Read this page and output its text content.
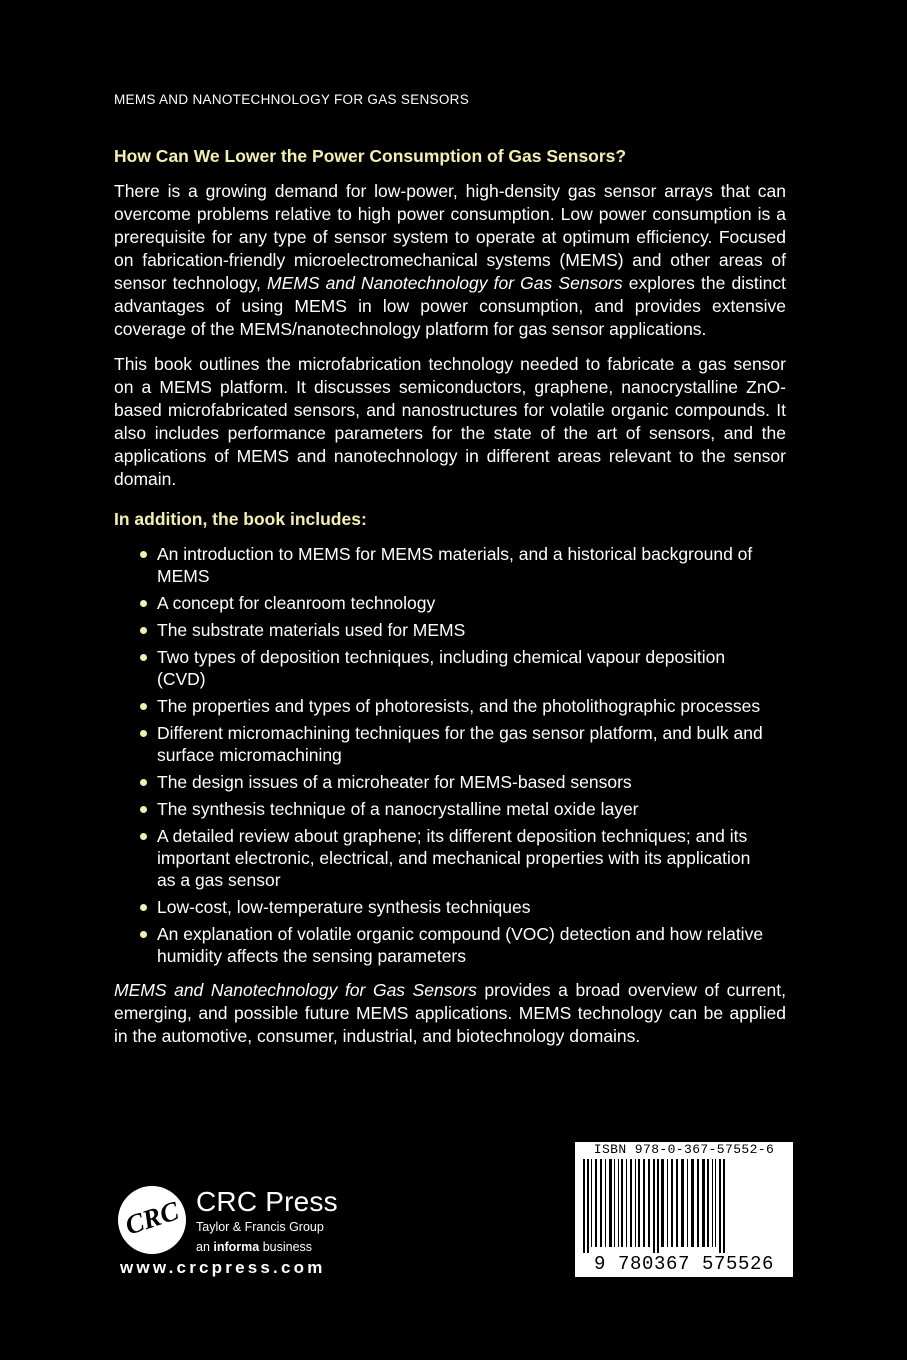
MEMS AND NANOTECHNOLOGY FOR GAS SENSORS
How Can We Lower the Power Consumption of Gas Sensors?
There is a growing demand for low-power, high-density gas sensor arrays that can overcome problems relative to high power consumption. Low power consumption is a prerequisite for any type of sensor system to operate at optimum efficiency. Focused on fabrication-friendly microelectromechanical systems (MEMS) and other areas of sensor technology, MEMS and Nanotechnology for Gas Sensors explores the distinct advantages of using MEMS in low power consumption, and provides extensive coverage of the MEMS/nanotechnology platform for gas sensor applications.
This book outlines the microfabrication technology needed to fabricate a gas sensor on a MEMS platform. It discusses semiconductors, graphene, nanocrystalline ZnO-based microfabricated sensors, and nanostructures for volatile organic compounds. It also includes performance parameters for the state of the art of sensors, and the applications of MEMS and nanotechnology in different areas relevant to the sensor domain.
In addition, the book includes:
An introduction to MEMS for MEMS materials, and a historical background of MEMS
A concept for cleanroom technology
The substrate materials used for MEMS
Two types of deposition techniques, including chemical vapour deposition (CVD)
The properties and types of photoresists, and the photolithographic processes
Different micromachining techniques for the gas sensor platform, and bulk and surface micromachining
The design issues of a microheater for MEMS-based sensors
The synthesis technique of a nanocrystalline metal oxide layer
A detailed review about graphene; its different deposition techniques; and its important electronic, electrical, and mechanical properties with its application as a gas sensor
Low-cost, low-temperature synthesis techniques
An explanation of volatile organic compound (VOC) detection and how relative humidity affects the sensing parameters
MEMS and Nanotechnology for Gas Sensors provides a broad overview of current, emerging, and possible future MEMS applications. MEMS technology can be applied in the automotive, consumer, industrial, and biotechnology domains.
CRC CRC Press
Taylor & Francis Group
an informa business
www.crcpress.com
ISBN 978-0-367-57552-6
9 780367 575526
